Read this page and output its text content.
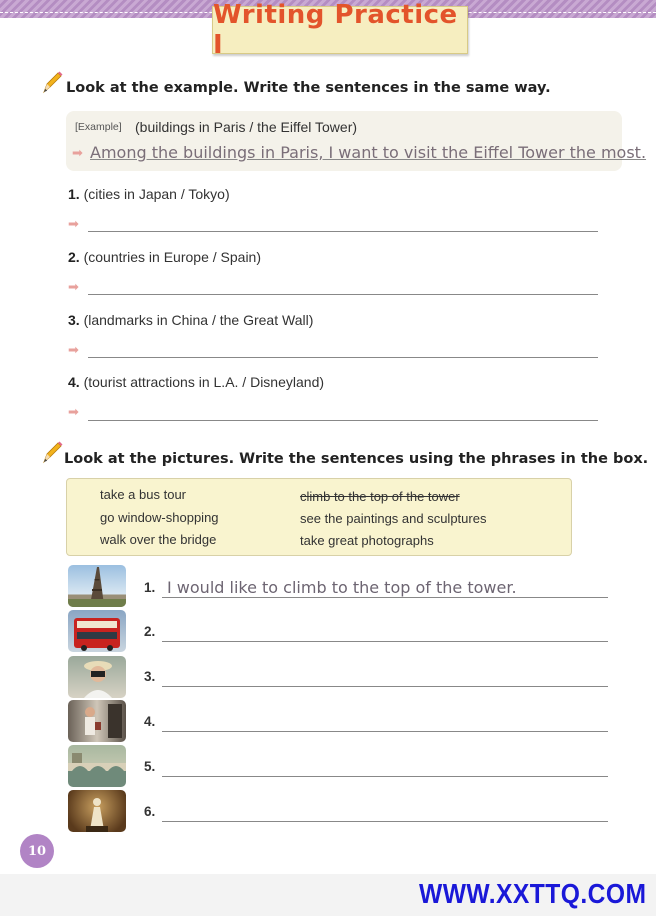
Writing Practice I
Look at the example. Write the sentences in the same way.
[Example] (buildings in Paris / the Eiffel Tower)
➡ Among the buildings in Paris, I want to visit the Eiffel Tower the most.
1. (cities in Japan / Tokyo)
➡
2. (countries in Europe / Spain)
➡
3. (landmarks in China / the Great Wall)
➡
4. (tourist attractions in L.A. / Disneyland)
➡
Look at the pictures. Write the sentences using the phrases in the box.
take a bus tour	climb to the top of the tower
go window-shopping	see the paintings and sculptures
walk over the bridge	take great photographs
1. I would like to climb to the top of the tower.
2.
3.
4.
5.
6.
10
WWW.XXTTQ.COM
